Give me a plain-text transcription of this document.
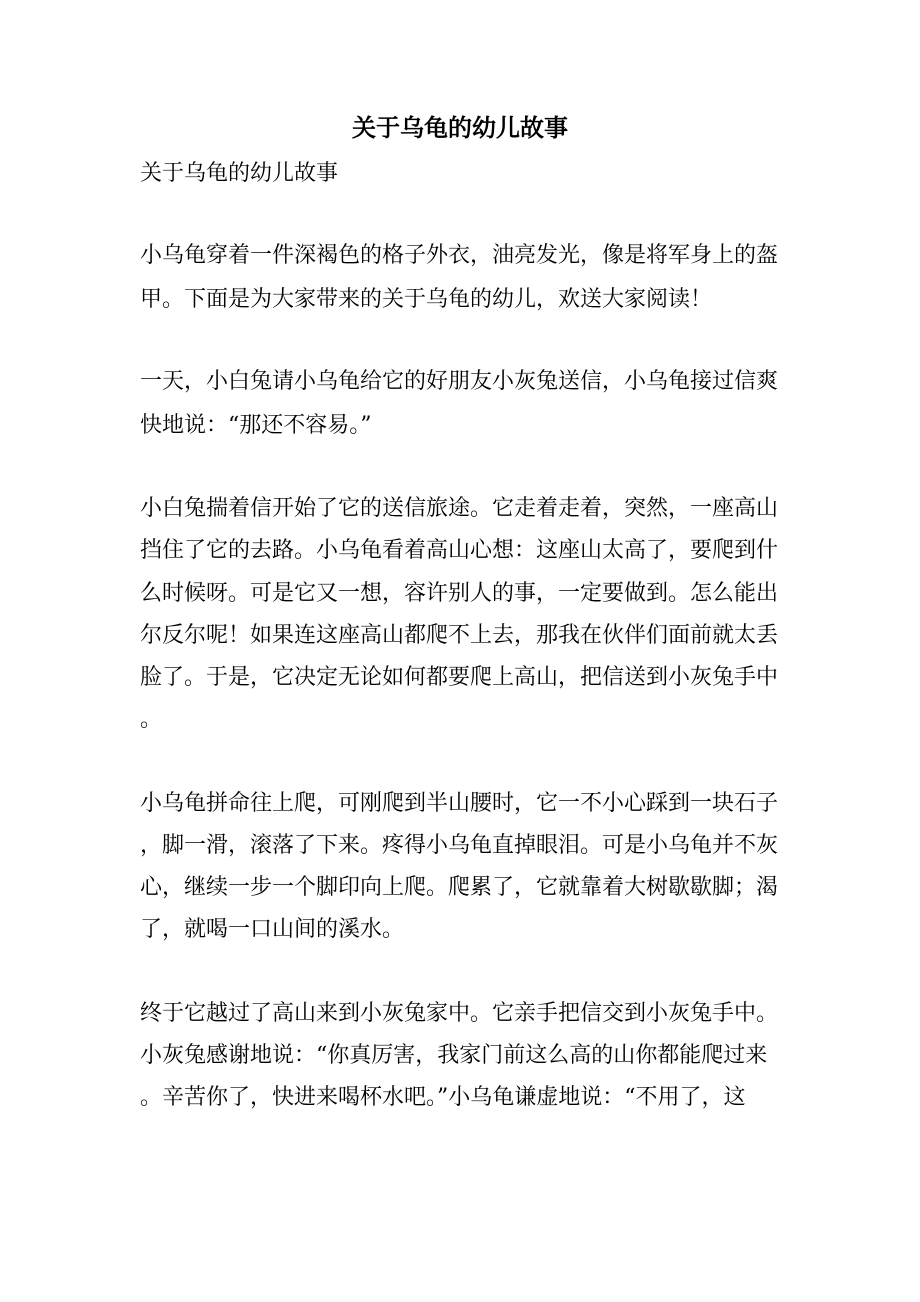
关于乌龟的幼儿故事
关于乌龟的幼儿故事
小乌龟穿着一件深褐色的格子外衣，油亮发光，像是将军身上的盔
甲。下面是为大家带来的关于乌龟的幼儿，欢送大家阅读！
一天，小白兔请小乌龟给它的好朋友小灰兔送信，小乌龟接过信爽
快地说：“那还不容易。”
小白兔揣着信开始了它的送信旅途。它走着走着，突然，一座高山
挡住了它的去路。小乌龟看着高山心想：这座山太高了，要爬到什
么时候呀。可是它又一想，容许别人的事，一定要做到。怎么能出
尔反尔呢！如果连这座高山都爬不上去，那我在伙伴们面前就太丢
脸了。于是，它决定无论如何都要爬上高山，把信送到小灰兔手中
。
小乌龟拼命往上爬，可刚爬到半山腰时，它一不小心踩到一块石子
，脚一滑，滚落了下来。疼得小乌龟直掉眼泪。可是小乌龟并不灰
心，继续一步一个脚印向上爬。爬累了，它就靠着大树歇歇脚；渴
了，就喝一口山间的溪水。
终于它越过了高山来到小灰兔家中。它亲手把信交到小灰兔手中。
小灰兔感谢地说：“你真厉害，我家门前这么高的山你都能爬过来
。辛苦你了，快进来喝杯水吧。”小乌龟谦虚地说：“不用了，这
